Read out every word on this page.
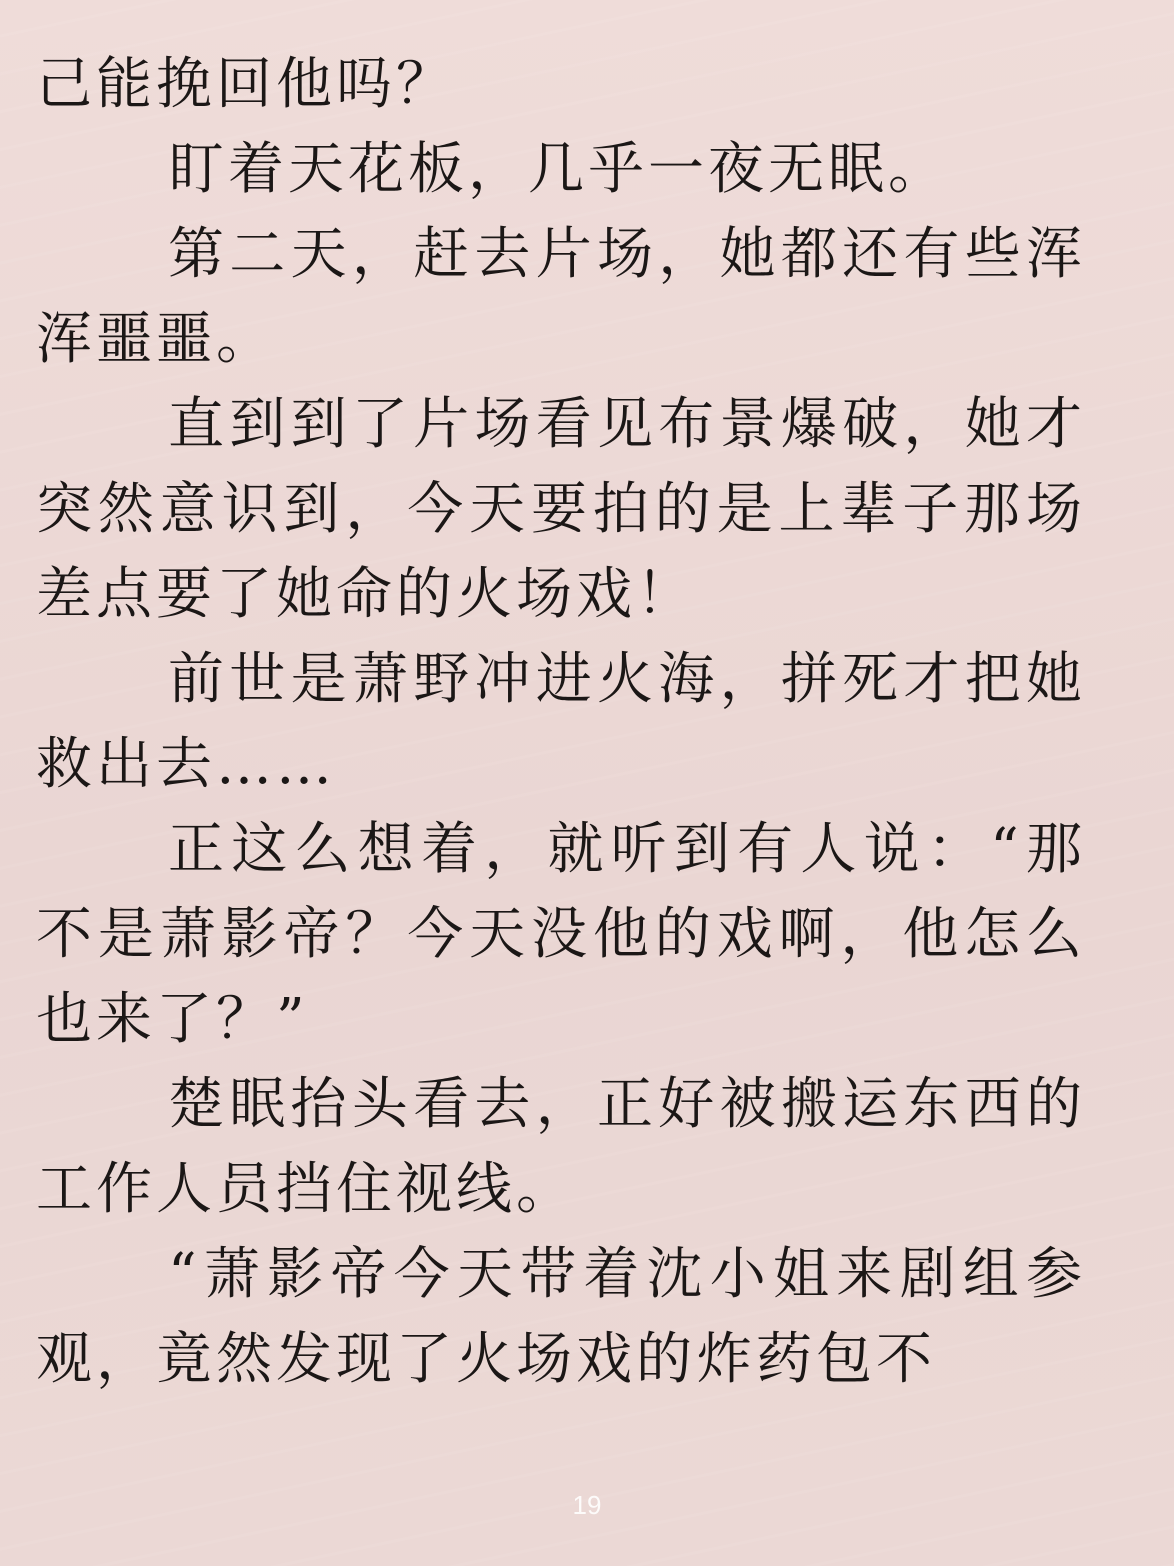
己能挽回他吗？

盯着天花板，几乎一夜无眠。

第二天，赶去片场，她都还有些浑浑噩噩。

直到到了片场看见布景爆破，她才突然意识到，今天要拍的是上辈子那场差点要了她命的火场戏！

前世是萧野冲进火海，拼死才把她救出去……

正这么想着，就听到有人说：“那不是萧影帝？今天没他的戏啊，他怎么也来了？”

楚眠抬头看去，正好被搬运东西的工作人员挡住视线。

“萧影帝今天带着沈小姐来剧组参观，竟然发现了火场戏的炸药包不

19
